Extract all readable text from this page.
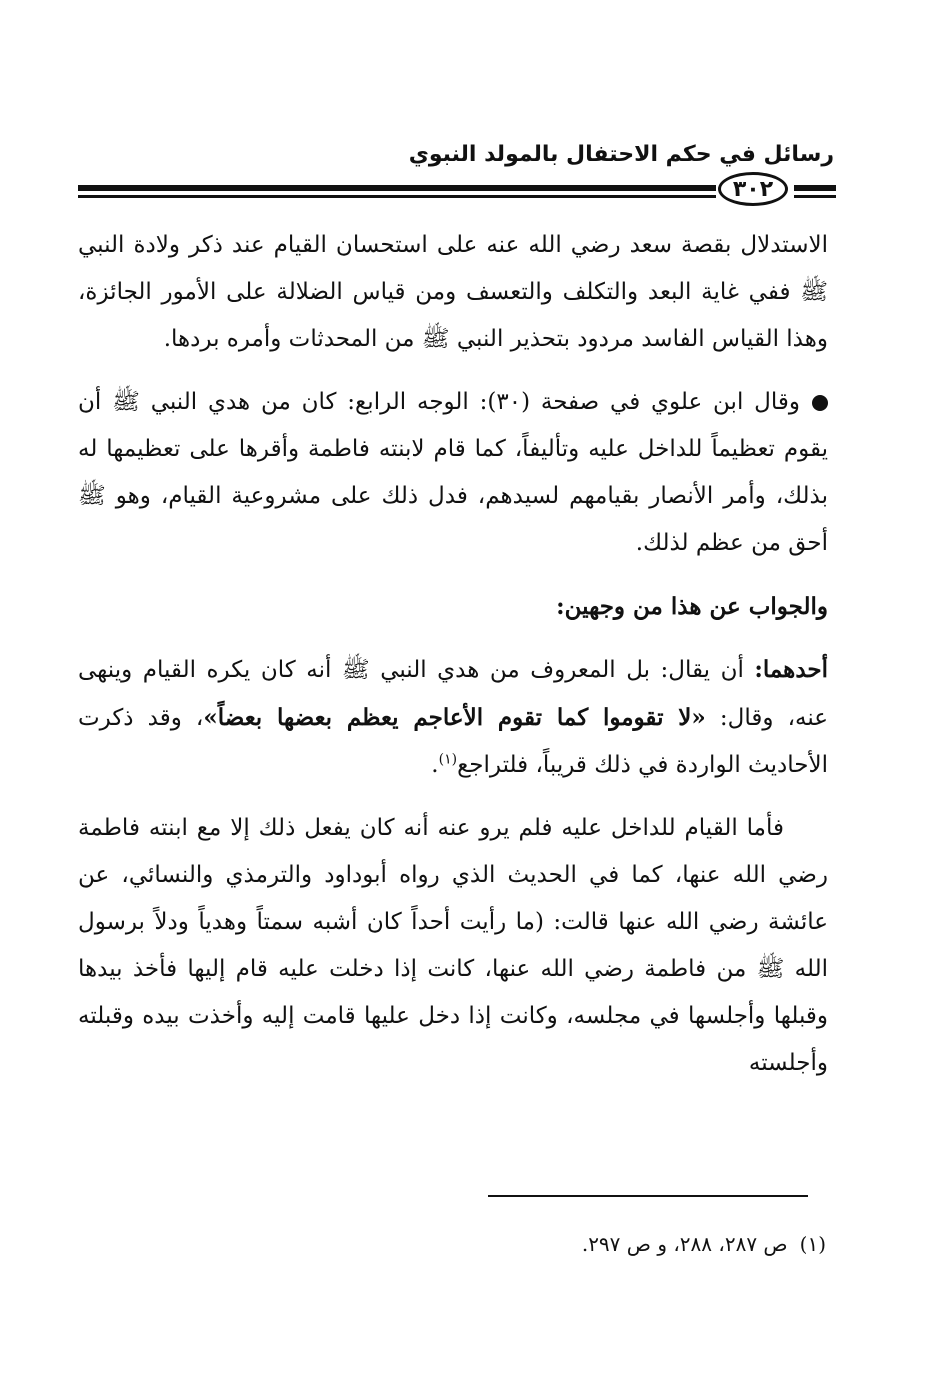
رسائل في حكم الاحتفال بالمولد النبوي
٣٠٢

الاستدلال بقصة سعد رضي الله عنه على استحسان القيام عند ذكر ولادة النبي ﷺ ففي غاية البعد والتكلف والتعسف ومن قياس الضلالة على الأمور الجائزة، وهذا القياس الفاسد مردود بتحذير النبي ﷺ من المحدثات وأمره بردها.

وقال ابن علوي في صفحة (٣٠): الوجه الرابع: كان من هدي النبي ﷺ أن يقوم تعظيماً للداخل عليه وتأليفاً، كما قام لابنته فاطمة وأقرها على تعظيمها له بذلك، وأمر الأنصار بقيامهم لسيدهم، فدل ذلك على مشروعية القيام، وهو ﷺ أحق من عظم لذلك.

والجواب عن هذا من وجهين:

أحدهما: أن يقال: بل المعروف من هدي النبي ﷺ أنه كان يكره القيام وينهى عنه، وقال: «لا تقوموا كما تقوم الأعاجم يعظم بعضها بعضاً»، وقد ذكرت الأحاديث الواردة في ذلك قريباً، فلتراجع$^{(١)}$.

فأما القيام للداخل عليه فلم يرو عنه أنه كان يفعل ذلك إلا مع ابنته فاطمة رضي الله عنها، كما في الحديث الذي رواه أبوداود والترمذي والنسائي، عن عائشة رضي الله عنها قالت: (ما رأيت أحداً كان أشبه سمتاً وهدياً ودلاً برسول الله ﷺ من فاطمة رضي الله عنها، كانت إذا دخلت عليه قام إليها فأخذ بيدها وقبلها وأجلسها في مجلسه، وكانت إذا دخل عليها قامت إليه وأخذت بيده وقبلته وأجلسته

(١)ص ٢٨٧، ٢٨٨، و ص ٢٩٧.
